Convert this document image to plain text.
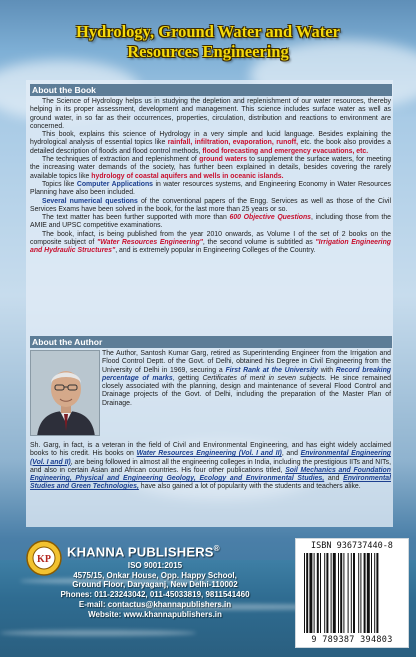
Hydrology, Ground Water and Water
Resources Engineering
About the Book

The Science of Hydrology helps us in studying the depletion and replenishment of our water resources, thereby helping in its proper assessment, development and management. This science includes surface water as well as ground water, in so far as their occurrences, properties, circulation, distribution and reactions to environment are concerned.

This book, explains this science of Hydrology in a very simple and lucid language. Besides explaining the hydrological analysis of essential topics like rainfall, infiltration, evaporation, runoff, etc. the book also provides a detailed description of floods and flood control methods, flood forecasting and emergency evacuations, etc.

The techniques of extraction and replenishment of ground waters to supplement the surface waters, for meeting the increasing water demands of the society, has further been explained in details, besides covering the rarely available topics like hydrology of coastal aquifers and wells in oceanic islands.

Topics like Computer Applications in water resources systems, and Engineering Economy in Water Resources Planning have also been included.

Several numerical questions of the conventional papers of the Engg. Services as well as those of the Civil Services Exams have been solved in the book, for the last more than 25 years or so.

The text matter has been further supported with more than 600 Objective Questions, including those from the AMIE and UPSC competitive examinations.

The book, infact, is being published from the year 2010 onwards, as Volume I of the set of 2 books on the composite subject of "Water Resources Engineering", the second volume is subtitled as "Irrigation Engineering and Hydraulic Structures", and is extremely popular in Engineering Colleges of the Country.

About the Author

The Author, Santosh Kumar Garg, retired as Superintending Engineer from the Irrigation and Flood Control Deptt. of the Govt. of Delhi, obtained his Degree in Civil Engineering from the University of Delhi in 1969, securing a First Rank at the University with Record breaking percentage of marks, getting Certificates of merit in seven subjects. He since remained closely associated with the planning, design and maintenance of several Flood Control and Drainage projects of the Govt. of Delhi, including the preparation of the Master Plan of Drainage.

Sh. Garg, in fact, is a veteran in the field of Civil and Environmental Engineering, and has eight widely acclaimed books to his credit. His books on Water Resources Engineering (Vol. I and II), and Environmental Engineering (Vol. I and II), are being followed in almost all the engineering colleges in India, including the prestigious IITs and NITs, and also in certain Asian and African countries. His four other publications titled, Soil Mechanics and Foundation Engineering, Physical and Engineering Geology, Ecology and Environmental Studies, and Environmental Studies and Green Technologies, have also gained a lot of popularity with the students and teachers alike.

KP
KHANNA PUBLISHERS®
ISO 9001:2015
4575/15, Onkar House, Opp. Happy School,
Ground Floor, Daryaganj, New Delhi-110002
Phones: 011-23243042, 011-45033819, 9811541460
E-mail: contactus@khannapublishers.in
Website: www.khannapublishers.in
ISBN 936737440-8
9 789387 394803
